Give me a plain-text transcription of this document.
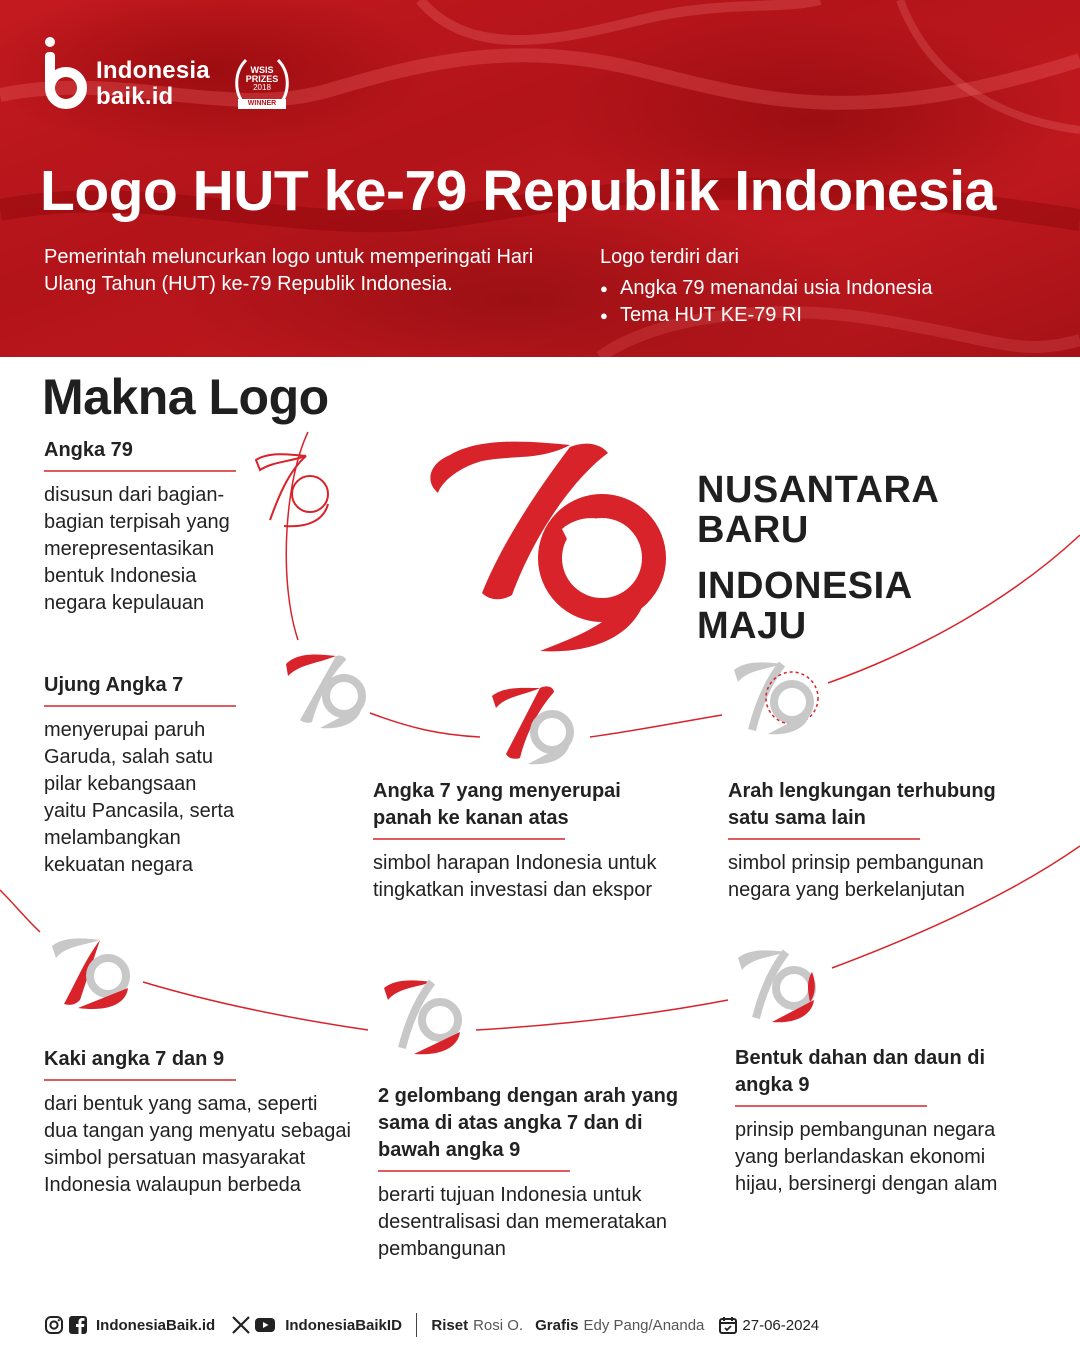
Indonesia
baik.id
WSIS PRIZES
2018
WINNER
Logo HUT ke-79 Republik Indonesia

Pemerintah meluncurkan logo untuk memperingati Hari Ulang Tahun (HUT) ke-79 Republik Indonesia.

Logo terdiri dari
● Angka 79 menandai usia Indonesia
● Tema HUT KE-79 RI
Makna Logo
NUSANTARA
BARU
INDONESIA
MAJU
Angka 79

disusun dari bagian-bagian terpisah yang merepresentasikan bentuk Indonesia negara kepulauan

Ujung Angka 7

menyerupai paruh Garuda, salah satu pilar kebangsaan yaitu Pancasila, serta melambangkan kekuatan negara

Angka 7 yang menyerupai panah ke kanan atas

simbol harapan Indonesia untuk tingkatkan investasi dan ekspor

Arah lengkungan terhubung satu sama lain

simbol prinsip pembangunan negara yang berkelanjutan

Kaki angka 7 dan 9

dari bentuk yang sama, seperti dua tangan yang menyatu sebagai simbol persatuan masyarakat Indonesia walaupun berbeda

2 gelombang dengan arah yang sama di atas angka 7 dan di bawah angka 9

berarti tujuan Indonesia untuk desentralisasi dan memeratakan pembangunan

Bentuk dahan dan daun di angka 9

prinsip pembangunan negara yang berlandaskan ekonomi hijau, bersinergi dengan alam

IndonesiaBaik.id	IndonesiaBaikID Riset Rosi O. Grafis Edy Pang/Ananda	27-06-2024
